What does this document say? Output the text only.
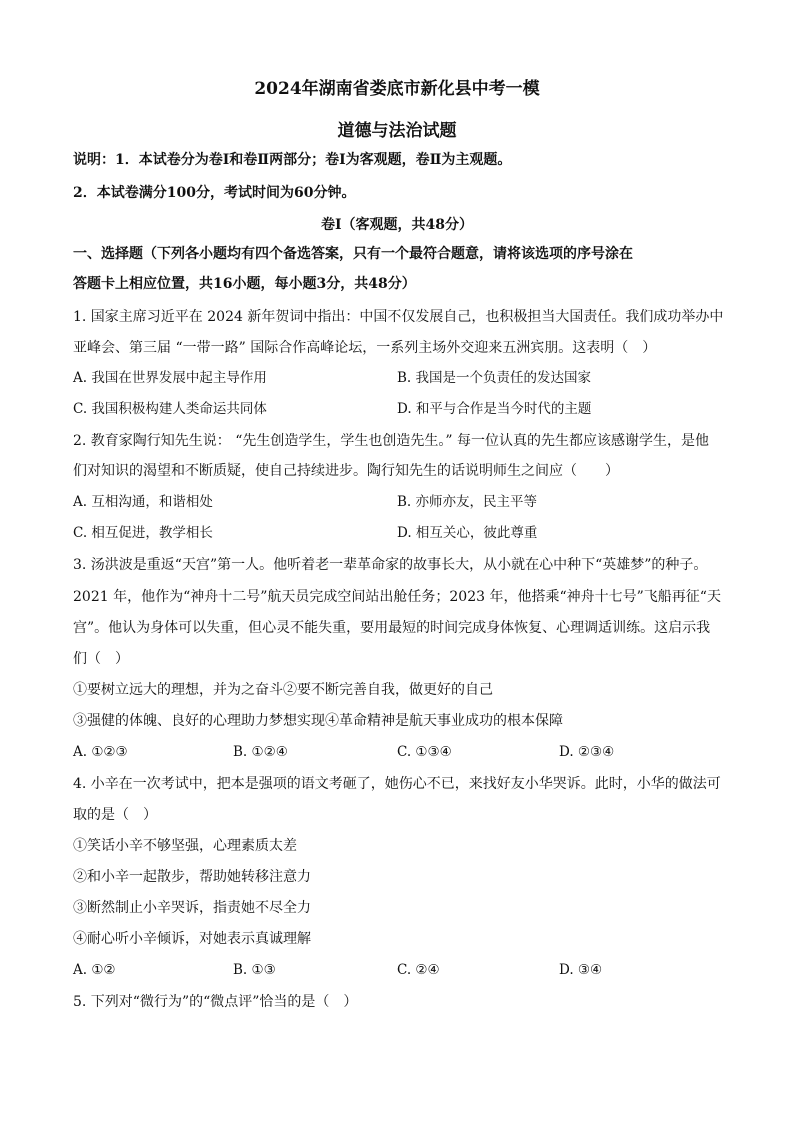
2024年湖南省娄底市新化县中考一模
道德与法治试题
说明：1．本试卷分为卷Ⅰ和卷Ⅱ两部分；卷Ⅰ为客观题，卷Ⅱ为主观题。
2．本试卷满分100分，考试时间为60分钟。
卷Ⅰ（客观题，共48分）
一、选择题（下列各小题均有四个备选答案，只有一个最符合题意，请将该选项的序号涂在
答题卡上相应位置，共16小题，每小题3分，共48分）
1. 国家主席习近平在 2024 新年贺词中指出：中国不仅发展自己，也积极担当大国责任。我们成功举办中
亚峰会、第三届 “一带一路” 国际合作高峰论坛，一系列主场外交迎来五洲宾朋。这表明（　）
A. 我国在世界发展中起主导作用	B. 我国是一个负责任的发达国家
C. 我国积极构建人类命运共同体	D. 和平与合作是当今时代的主题
2. 教育家陶行知先生说： “先生创造学生，学生也创造先生。” 每一位认真的先生都应该感谢学生，是他
们对知识的渴望和不断质疑，使自己持续进步。陶行知先生的话说明师生之间应（　　）
A. 互相沟通，和谐相处	B. 亦师亦友，民主平等
C. 相互促进，教学相长	D. 相互关心，彼此尊重
3. 汤洪波是重返“天宫”第一人。他听着老一辈革命家的故事长大，从小就在心中种下“英雄梦”的种子。
2021 年，他作为“神舟十二号”航天员完成空间站出舱任务；2023 年，他搭乘“神舟十七号”飞船再征“天
宫”。他认为身体可以失重，但心灵不能失重，要用最短的时间完成身体恢复、心理调适训练。这启示我
们（　）
①要树立远大的理想，并为之奋斗②要不断完善自我，做更好的自己
③强健的体魄、良好的心理助力梦想实现④革命精神是航天事业成功的根本保障
A. ①②③	B. ①②④	C. ①③④	D. ②③④
4. 小辛在一次考试中，把本是强项的语文考砸了，她伤心不已，来找好友小华哭诉。此时，小华的做法可
取的是（　）
①笑话小辛不够坚强，心理素质太差
②和小辛一起散步，帮助她转移注意力
③断然制止小辛哭诉，指责她不尽全力
④耐心听小辛倾诉，对她表示真诚理解
A. ①②	B. ①③	C. ②④	D. ③④
5. 下列对“微行为”的“微点评”恰当的是（　）
